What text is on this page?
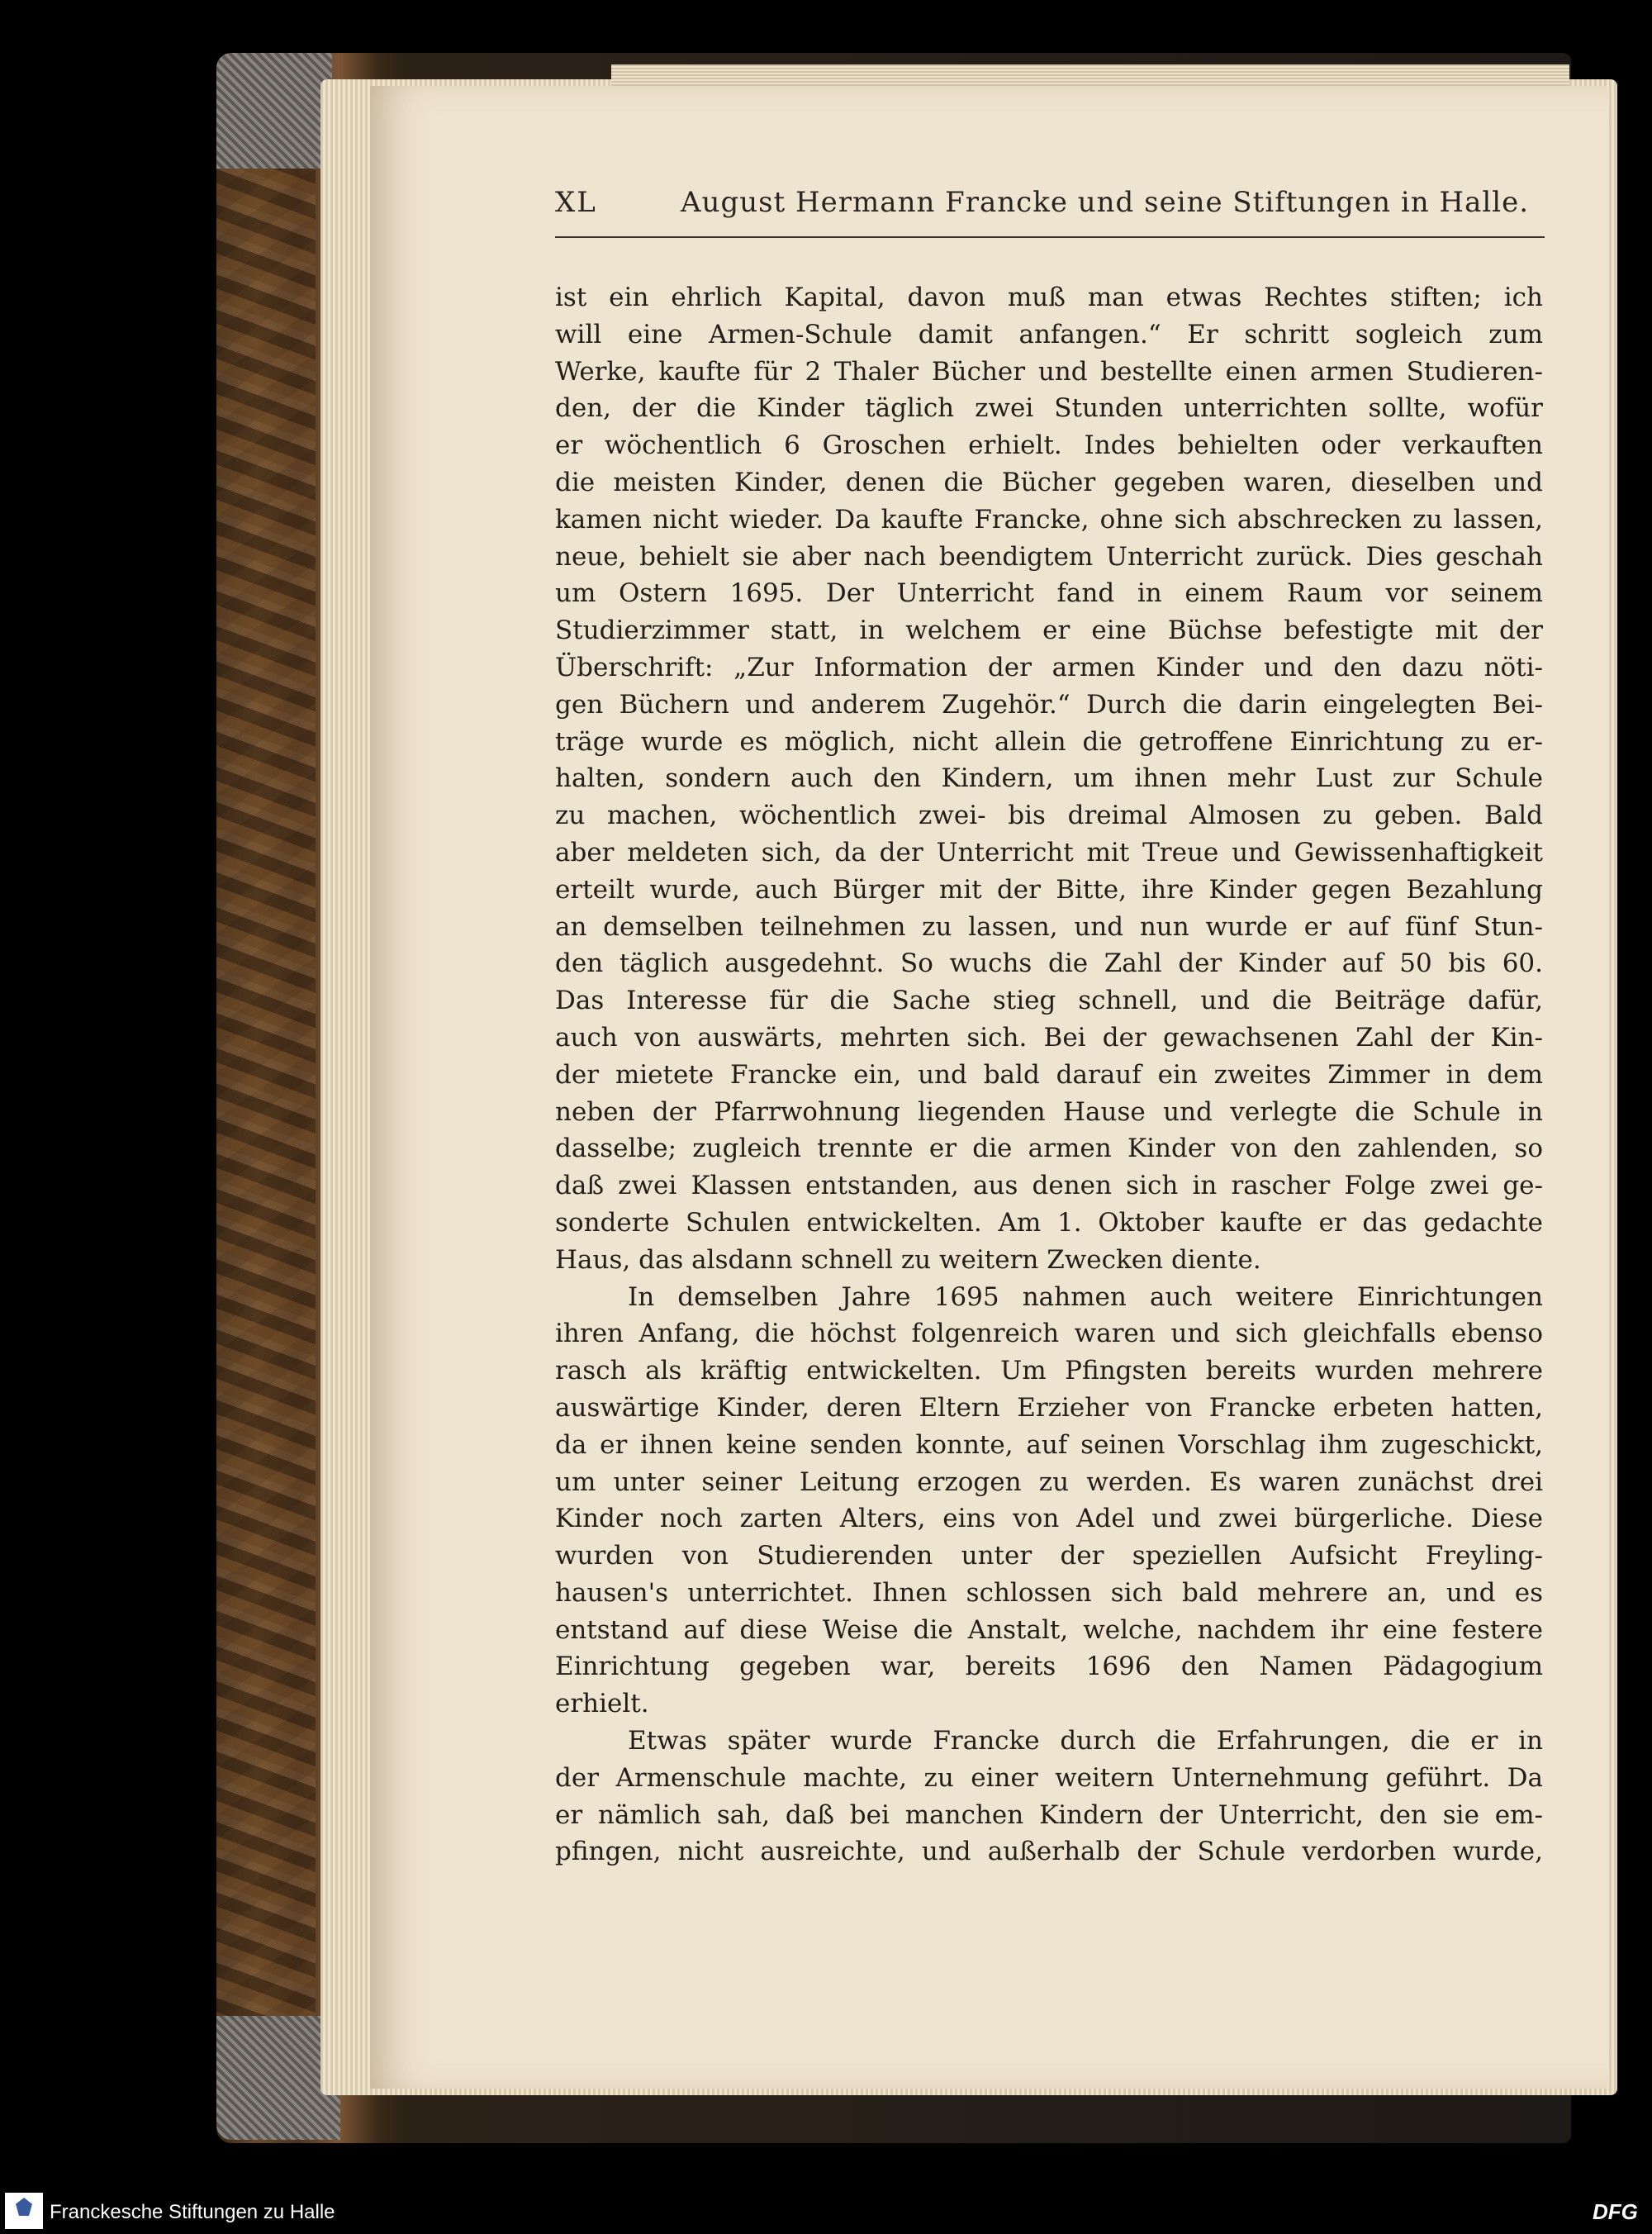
XL	August Hermann Francke und seine Stiftungen in Halle.
ist ein ehrlich Kapital, davon muß man etwas Rechtes stiften; ich
will eine Armen-Schule damit anfangen.“ Er schritt sogleich zum
Werke, kaufte für 2 Thaler Bücher und bestellte einen armen Studieren-
den, der die Kinder täglich zwei Stunden unterrichten sollte, wofür
er wöchentlich 6 Groschen erhielt. Indes behielten oder verkauften
die meisten Kinder, denen die Bücher gegeben waren, dieselben und
kamen nicht wieder. Da kaufte Francke, ohne sich abschrecken zu lassen,
neue, behielt sie aber nach beendigtem Unterricht zurück. Dies geschah
um Ostern 1695. Der Unterricht fand in einem Raum vor seinem
Studierzimmer statt, in welchem er eine Büchse befestigte mit der
Überschrift: „Zur Information der armen Kinder und den dazu nöti-
gen Büchern und anderem Zugehör.“ Durch die darin eingelegten Bei-
träge wurde es möglich, nicht allein die getroffene Einrichtung zu er-
halten, sondern auch den Kindern, um ihnen mehr Lust zur Schule
zu machen, wöchentlich zwei- bis dreimal Almosen zu geben. Bald
aber meldeten sich, da der Unterricht mit Treue und Gewissenhaftigkeit
erteilt wurde, auch Bürger mit der Bitte, ihre Kinder gegen Bezahlung
an demselben teilnehmen zu lassen, und nun wurde er auf fünf Stun-
den täglich ausgedehnt. So wuchs die Zahl der Kinder auf 50 bis 60.
Das Interesse für die Sache stieg schnell, und die Beiträge dafür,
auch von auswärts, mehrten sich. Bei der gewachsenen Zahl der Kin-
der mietete Francke ein, und bald darauf ein zweites Zimmer in dem
neben der Pfarrwohnung liegenden Hause und verlegte die Schule in
dasselbe; zugleich trennte er die armen Kinder von den zahlenden, so
daß zwei Klassen entstanden, aus denen sich in rascher Folge zwei ge-
sonderte Schulen entwickelten. Am 1. Oktober kaufte er das gedachte
Haus, das alsdann schnell zu weitern Zwecken diente.
In demselben Jahre 1695 nahmen auch weitere Einrichtungen
ihren Anfang, die höchst folgenreich waren und sich gleichfalls ebenso
rasch als kräftig entwickelten. Um Pfingsten bereits wurden mehrere
auswärtige Kinder, deren Eltern Erzieher von Francke erbeten hatten,
da er ihnen keine senden konnte, auf seinen Vorschlag ihm zugeschickt,
um unter seiner Leitung erzogen zu werden. Es waren zunächst drei
Kinder noch zarten Alters, eins von Adel und zwei bürgerliche. Diese
wurden von Studierenden unter der speziellen Aufsicht Freyling-
hausen's unterrichtet. Ihnen schlossen sich bald mehrere an, und es
entstand auf diese Weise die Anstalt, welche, nachdem ihr eine festere
Einrichtung gegeben war, bereits 1696 den Namen Pädagogium
erhielt.
Etwas später wurde Francke durch die Erfahrungen, die er in
der Armenschule machte, zu einer weitern Unternehmung geführt. Da
er nämlich sah, daß bei manchen Kindern der Unterricht, den sie em-
pfingen, nicht ausreichte, und außerhalb der Schule verdorben wurde,
Franckesche Stiftungen zu Halle	DFG
